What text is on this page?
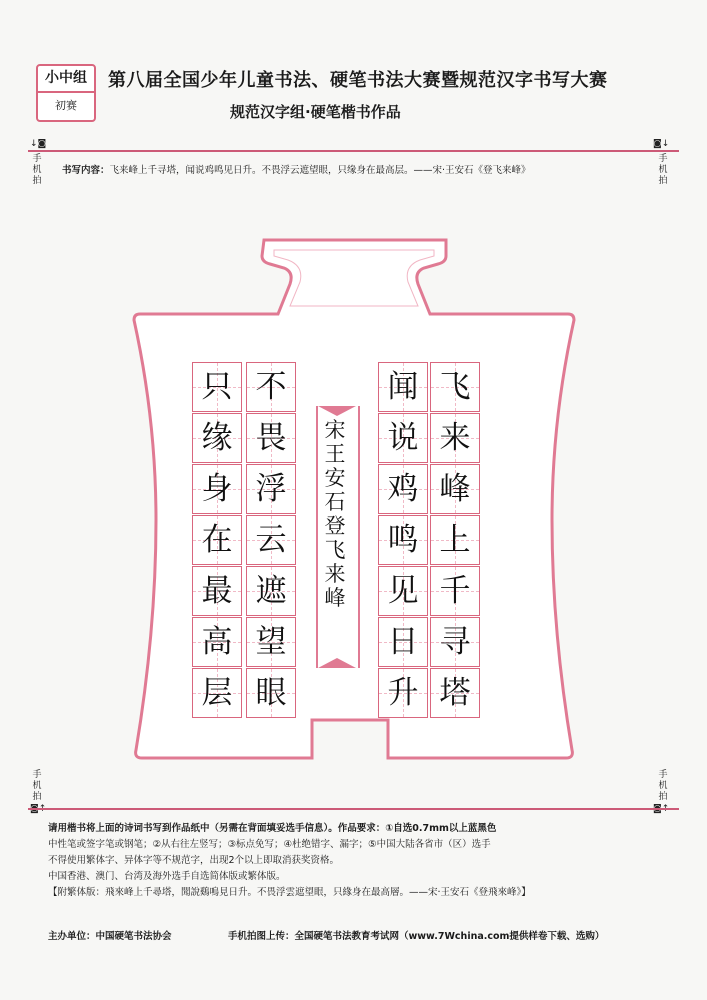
小中组
初赛
第八届全国少年儿童书法、硬笔书法大赛暨规范汉字书写大赛
规范汉字组·硬笔楷书作品
↓◙
手机拍
◙↓
手机拍
手机拍
◙↑
手机拍
◙↑
书写内容：飞来峰上千寻塔，闻说鸡鸣见日升。不畏浮云遮望眼，只缘身在最高层。——宋·王安石《登飞来峰》
飞
来
峰
上
千
寻
塔
闻
说
鸡
鸣
见
日
升
不
畏
浮
云
遮
望
眼
只
缘
身
在
最
高
层
宋
王
安
石
登
飞
来
峰
请用楷书将上面的诗词书写到作品纸中（另需在背面填妥选手信息）。作品要求：①自选0.7mm以上蓝黑色
中性笔或签字笔或钢笔；②从右往左竖写；③标点免写；④杜绝错字、漏字；⑤中国大陆各省市（区）选手
不得使用繁体字、异体字等不规范字，出现2个以上即取消获奖资格。
中国香港、澳门、台湾及海外选手自选简体版或繁体版。
【附繁体版：飛來峰上千尋塔，聞說鷄鳴見日升。不畏浮雲遮望眼，只緣身在最高層。——宋·王安石《登飛來峰》】
主办单位：中国硬笔书法协会	手机拍图上传：全国硬笔书法教育考试网（www.7Wchina.com提供样卷下载、选购）
